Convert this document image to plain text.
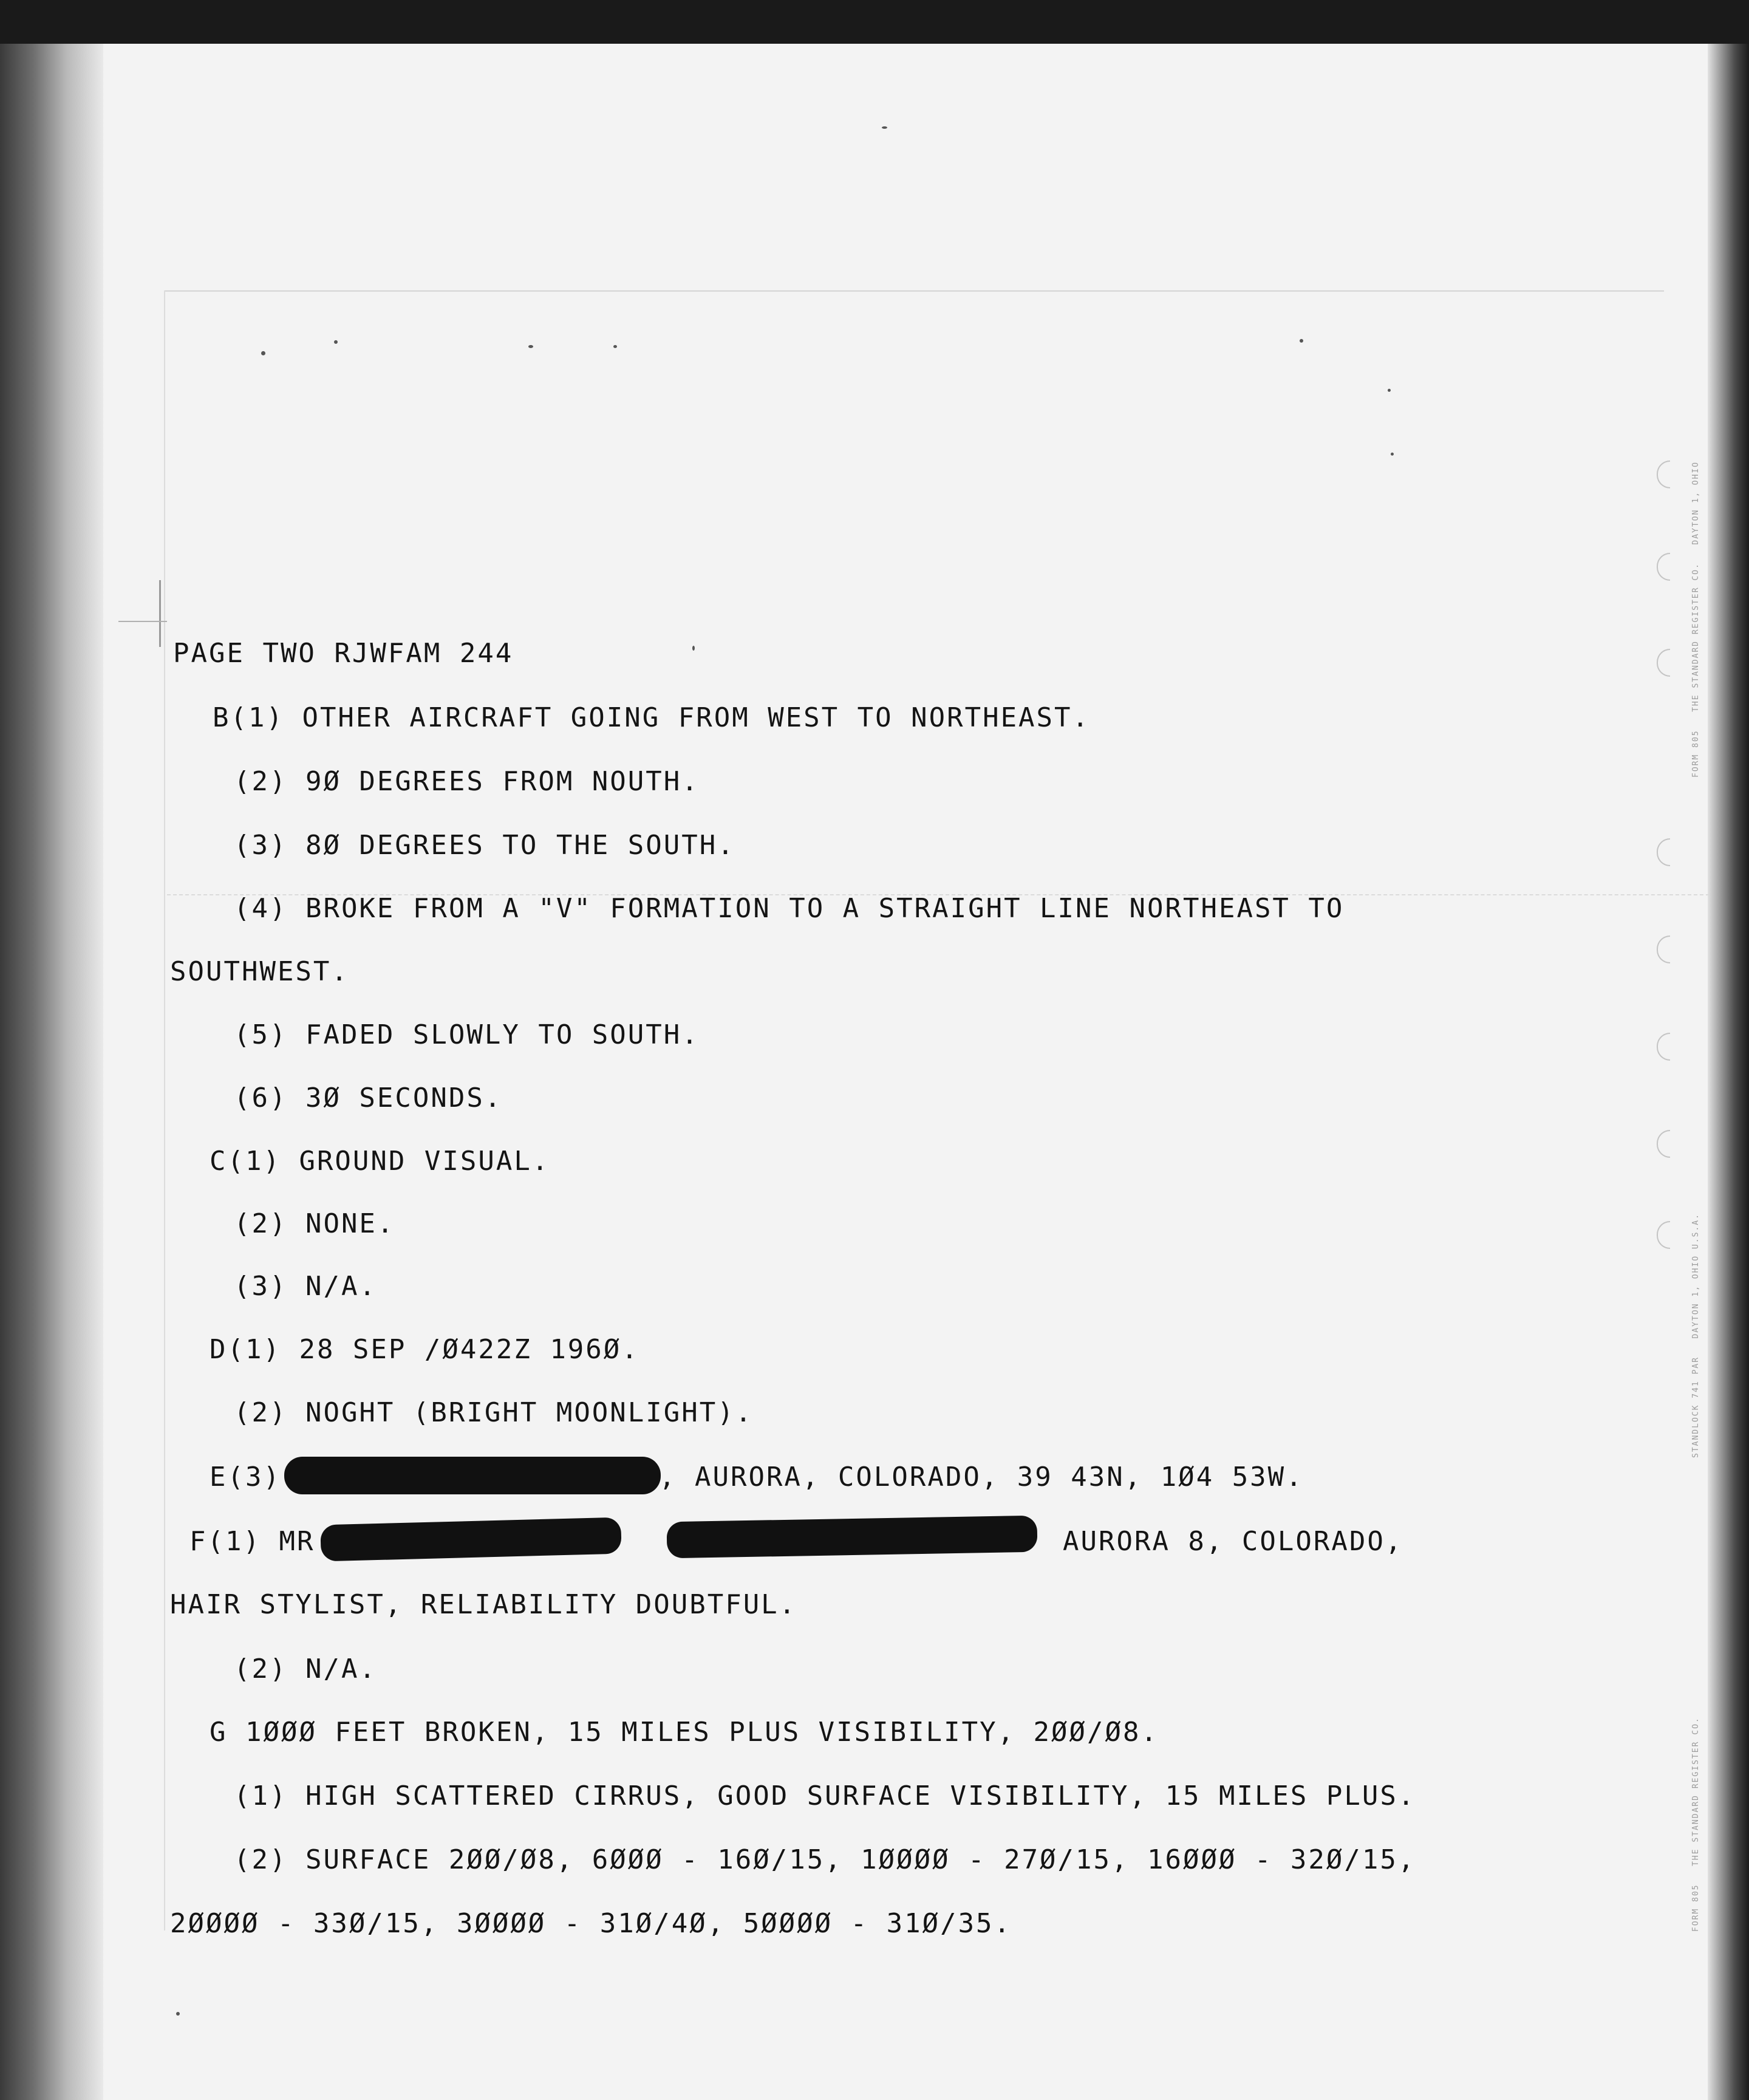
FORM 805   THE STANDARD REGISTER CO.   DAYTON 1, OHIO
STANDLOCK 741 PAR   DAYTON 1, OHIO U.S.A.
FORM 805   THE STANDARD REGISTER CO.
PAGE TWO RJWFAM 244
B(1) OTHER AIRCRAFT GOING FROM WEST TO NORTHEAST.
(2) 9Ø DEGREES FROM NOUTH.
(3) 8Ø DEGREES TO THE SOUTH.
(4) BROKE FROM A "V" FORMATION TO A STRAIGHT LINE NORTHEAST TO
SOUTHWEST.
(5) FADED SLOWLY TO SOUTH.
(6) 3Ø SECONDS.
C(1) GROUND VISUAL.
(2) NONE.
(3) N/A.
D(1) 28 SEP /Ø422Z 196Ø.
(2) NOGHT (BRIGHT MOONLIGHT).
E(3)	, AURORA, COLORADO, 39 43N, 1Ø4 53W.
F(1) MR	AURORA 8, COLORADO,
HAIR STYLIST, RELIABILITY DOUBTFUL.
(2) N/A.
G 1ØØØ FEET BROKEN, 15 MILES PLUS VISIBILITY, 2ØØ/Ø8.
(1) HIGH SCATTERED CIRRUS, GOOD SURFACE VISIBILITY, 15 MILES PLUS.
(2) SURFACE 2ØØ/Ø8, 6ØØØ - 16Ø/15, 1ØØØØ - 27Ø/15, 16ØØØ - 32Ø/15,
2ØØØØ - 33Ø/15, 3ØØØØ - 31Ø/4Ø, 5ØØØØ - 31Ø/35.
